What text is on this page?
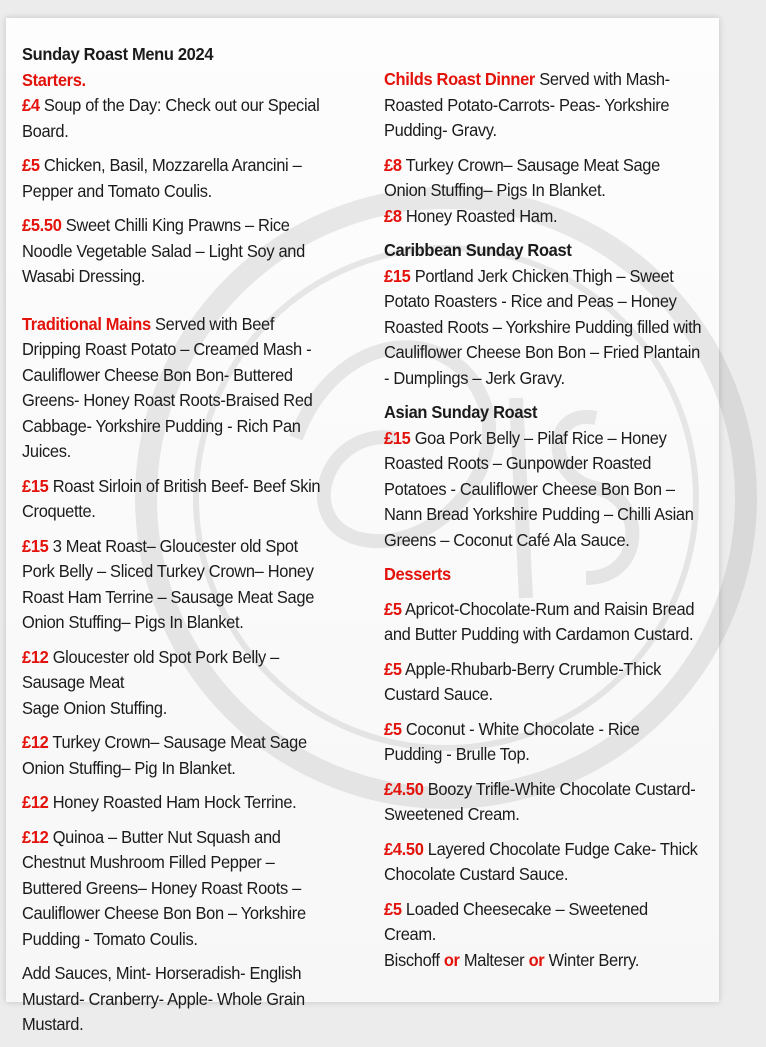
Sunday Roast Menu 2024
Starters.

£4 Soup of the Day: Check out our Special Board.

£5 Chicken, Basil, Mozzarella Arancini – Pepper and Tomato Coulis.

£5.50 Sweet Chilli King Prawns – Rice Noodle Vegetable Salad – Light Soy and Wasabi Dressing.

Traditional Mains Served with Beef Dripping Roast Potato – Creamed Mash -Cauliflower Cheese Bon Bon- Buttered Greens- Honey Roast Roots-Braised Red Cabbage- Yorkshire Pudding - Rich Pan Juices.

£15 Roast Sirloin of British Beef- Beef Skin Croquette.

£15 3 Meat Roast– Gloucester old Spot Pork Belly – Sliced Turkey Crown– Honey Roast Ham Terrine – Sausage Meat Sage Onion Stuffing– Pigs In Blanket.

£12 Gloucester old Spot Pork Belly – Sausage Meat
Sage Onion Stuffing.

£12 Turkey Crown– Sausage Meat Sage Onion Stuffing– Pig In Blanket.

£12 Honey Roasted Ham Hock Terrine.

£12 Quinoa – Butter Nut Squash and Chestnut Mushroom Filled Pepper – Buttered Greens– Honey Roast Roots – Cauliflower Cheese Bon Bon – Yorkshire Pudding - Tomato Coulis.

Add Sauces, Mint- Horseradish- English Mustard- Cranberry- Apple- Whole Grain Mustard.

Childs Roast Dinner Served with Mash-Roasted Potato-Carrots- Peas- Yorkshire Pudding- Gravy.

£8 Turkey Crown– Sausage Meat Sage Onion Stuffing– Pigs In Blanket.

£8 Honey Roasted Ham.

Caribbean Sunday Roast

£15 Portland Jerk Chicken Thigh – Sweet Potato Roasters - Rice and Peas – Honey Roasted Roots – Yorkshire Pudding filled with Cauliflower Cheese Bon Bon – Fried Plantain - Dumplings – Jerk Gravy.

Asian Sunday Roast

£15 Goa Pork Belly – Pilaf Rice – Honey Roasted Roots – Gunpowder Roasted Potatoes - Cauliflower Cheese Bon Bon – Nann Bread Yorkshire Pudding – Chilli Asian Greens – Coconut Café Ala Sauce.

Desserts

£5 Apricot-Chocolate-Rum and Raisin Bread and Butter Pudding with Cardamon Custard.

£5 Apple-Rhubarb-Berry Crumble-Thick Custard Sauce.

£5 Coconut - White Chocolate - Rice Pudding - Brulle Top.

£4.50 Boozy Trifle-White Chocolate Custard-Sweetened Cream.

£4.50 Layered Chocolate Fudge Cake- Thick Chocolate Custard Sauce.

£5 Loaded Cheesecake – Sweetened Cream.
Bischoff or Malteser or Winter Berry.
